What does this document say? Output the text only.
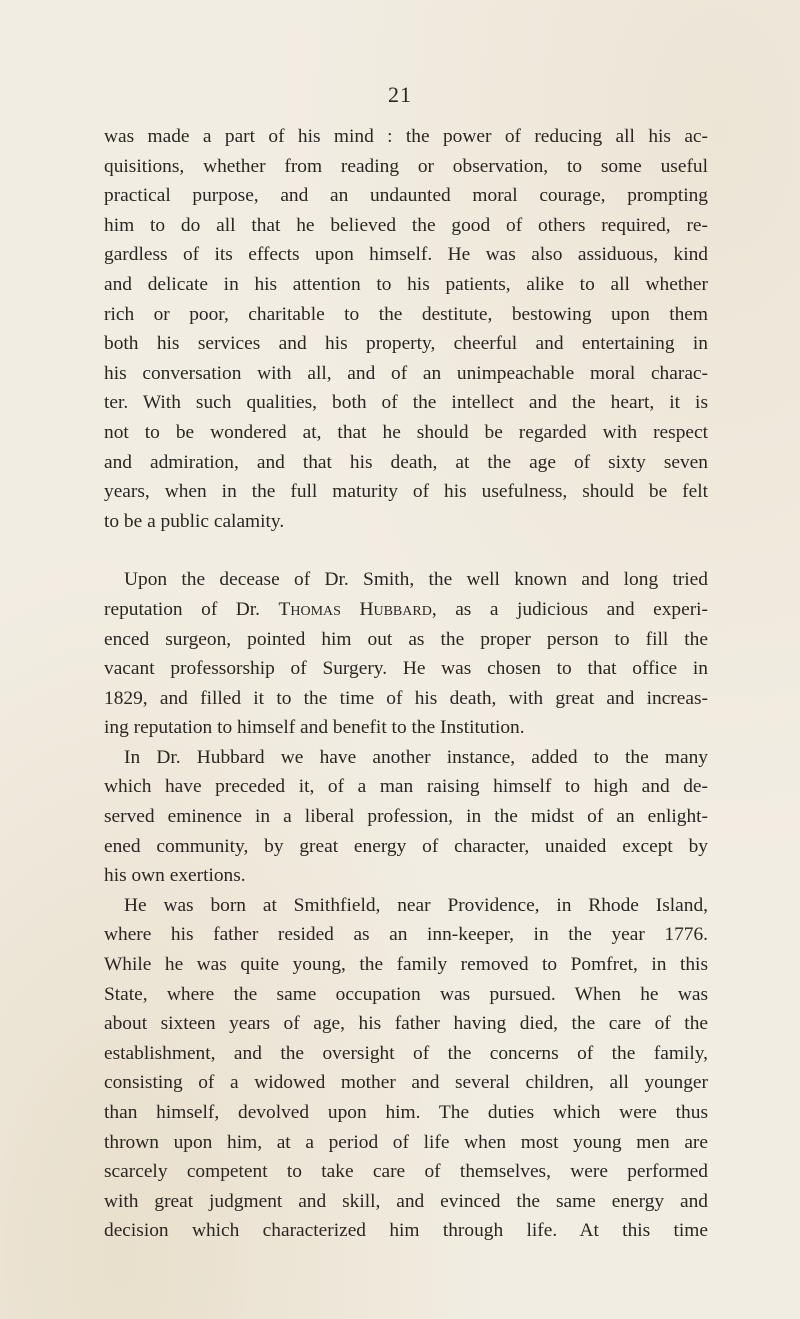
21
was made a part of his mind : the power of reducing all his ac-
quisitions, whether from reading or observation, to some useful
practical purpose, and an undaunted moral courage, prompting
him to do all that he believed the good of others required, re-
gardless of its effects upon himself. He was also assiduous, kind
and delicate in his attention to his patients, alike to all whether
rich or poor, charitable to the destitute, bestowing upon them
both his services and his property, cheerful and entertaining in
his conversation with all, and of an unimpeachable moral charac-
ter. With such qualities, both of the intellect and the heart, it is
not to be wondered at, that he should be regarded with respect
and admiration, and that his death, at the age of sixty seven
years, when in the full maturity of his usefulness, should be felt
to be a public calamity.
Upon the decease of Dr. Smith, the well known and long tried
reputation of Dr. Thomas Hubbard, as a judicious and experi-
enced surgeon, pointed him out as the proper person to fill the
vacant professorship of Surgery. He was chosen to that office in
1829, and filled it to the time of his death, with great and increas-
ing reputation to himself and benefit to the Institution.
In Dr. Hubbard we have another instance, added to the many
which have preceded it, of a man raising himself to high and de-
served eminence in a liberal profession, in the midst of an enlight-
ened community, by great energy of character, unaided except by
his own exertions.
He was born at Smithfield, near Providence, in Rhode Island,
where his father resided as an inn-keeper, in the year 1776.
While he was quite young, the family removed to Pomfret, in this
State, where the same occupation was pursued. When he was
about sixteen years of age, his father having died, the care of the
establishment, and the oversight of the concerns of the family,
consisting of a widowed mother and several children, all younger
than himself, devolved upon him. The duties which were thus
thrown upon him, at a period of life when most young men are
scarcely competent to take care of themselves, were performed
with great judgment and skill, and evinced the same energy and
decision which characterized him through life. At this time
